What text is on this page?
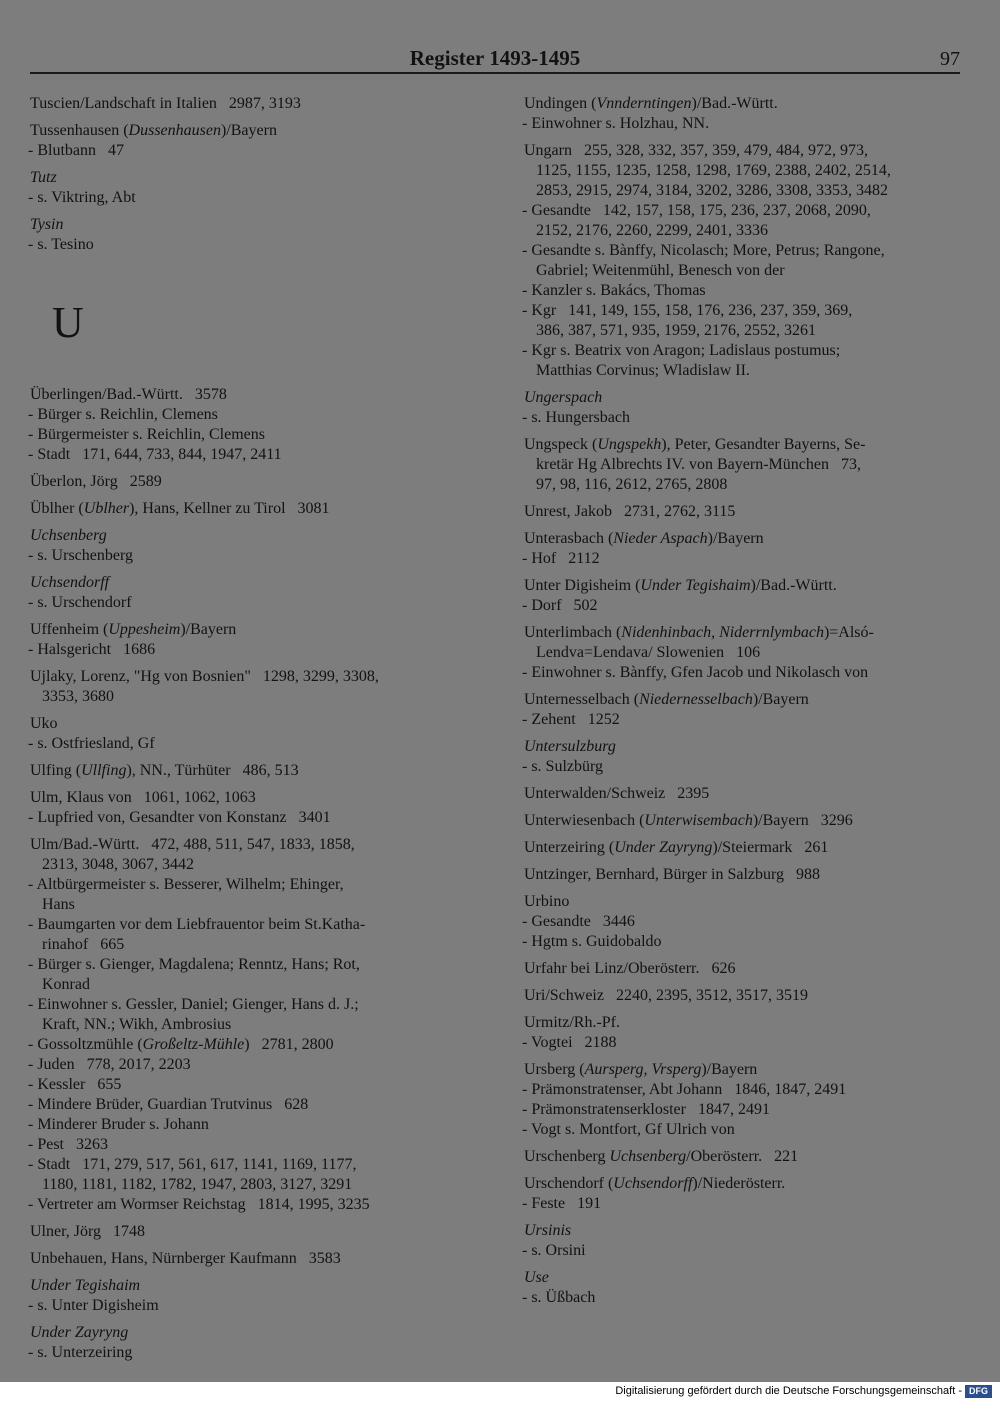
Register 1493-1495	97
Tuscien/Landschaft in Italien   2987, 3193
Tussenhausen (Dussenhausen)/Bayern
- Blutbann   47
Tutz
- s. Viktring, Abt
Tysin
- s. Tesino
U
Überlingen/Bad.-Württ.   3578
- Bürger s. Reichlin, Clemens
- Bürgermeister s. Reichlin, Clemens
- Stadt   171, 644, 733, 844, 1947, 2411
Überlon, Jörg   2589
Üblher (Ublher), Hans, Kellner zu Tirol   3081
Uchsenberg
- s. Urschenberg
Uchsendorff
- s. Urschendorf
Uffenheim (Uppesheim)/Bayern
- Halsgericht   1686
Ujlaky, Lorenz, "Hg von Bosnien"   1298, 3299, 3308,
3353, 3680
Uko
- s. Ostfriesland, Gf
Ulfing (Ullfing), NN., Türhüter   486, 513
Ulm, Klaus von   1061, 1062, 1063
- Lupfried von, Gesandter von Konstanz   3401
Ulm/Bad.-Württ.   472, 488, 511, 547, 1833, 1858,
2313, 3048, 3067, 3442
- Altbürgermeister s. Besserer, Wilhelm; Ehinger,
Hans
- Baumgarten vor dem Liebfrauentor beim St.Katha-
rinahof   665
- Bürger s. Gienger, Magdalena; Renntz, Hans; Rot,
Konrad
- Einwohner s. Gessler, Daniel; Gienger, Hans d. J.;
Kraft, NN.; Wikh, Ambrosius
- Gossoltzmühle (Großeltz-Mühle)   2781, 2800
- Juden   778, 2017, 2203
- Kessler   655
- Mindere Brüder, Guardian Trutvinus   628
- Minderer Bruder s. Johann
- Pest   3263
- Stadt   171, 279, 517, 561, 617, 1141, 1169, 1177,
1180, 1181, 1182, 1782, 1947, 2803, 3127, 3291
- Vertreter am Wormser Reichstag   1814, 1995, 3235
Ulner, Jörg   1748
Unbehauen, Hans, Nürnberger Kaufmann   3583
Under Tegishaim
- s. Unter Digisheim
Under Zayryng
- s. Unterzeiring
Undingen (Vnnderntingen)/Bad.-Württ.
- Einwohner s. Holzhau, NN.
Ungarn   255, 328, 332, 357, 359, 479, 484, 972, 973,
1125, 1155, 1235, 1258, 1298, 1769, 2388, 2402, 2514,
2853, 2915, 2974, 3184, 3202, 3286, 3308, 3353, 3482
- Gesandte   142, 157, 158, 175, 236, 237, 2068, 2090,
2152, 2176, 2260, 2299, 2401, 3336
- Gesandte s. Bànffy, Nicolasch; More, Petrus; Rangone,
Gabriel; Weitenmühl, Benesch von der
- Kanzler s. Bakács, Thomas
- Kgr   141, 149, 155, 158, 176, 236, 237, 359, 369,
386, 387, 571, 935, 1959, 2176, 2552, 3261
- Kgr s. Beatrix von Aragon; Ladislaus postumus;
Matthias Corvinus; Wladislaw II.
Ungerspach
- s. Hungersbach
Ungspeck (Ungspekh), Peter, Gesandter Bayerns, Se-
kretär Hg Albrechts IV. von Bayern-München   73,
97, 98, 116, 2612, 2765, 2808
Unrest, Jakob   2731, 2762, 3115
Unterasbach (Nieder Aspach)/Bayern
- Hof   2112
Unter Digisheim (Under Tegishaim)/Bad.-Württ.
- Dorf   502
Unterlimbach (Nidenhinbach, Niderrnlymbach)=Alsó-
Lendva=Lendava/ Slowenien   106
- Einwohner s. Bànffy, Gfen Jacob und Nikolasch von
Unternesselbach (Niedernesselbach)/Bayern
- Zehent   1252
Untersulzburg
- s. Sulzbürg
Unterwalden/Schweiz   2395
Unterwiesenbach (Unterwisembach)/Bayern   3296
Unterzeiring (Under Zayryng)/Steiermark   261
Untzinger, Bernhard, Bürger in Salzburg   988
Urbino
- Gesandte   3446
- Hgtm s. Guidobaldo
Urfahr bei Linz/Oberösterr.   626
Uri/Schweiz   2240, 2395, 3512, 3517, 3519
Urmitz/Rh.-Pf.
- Vogtei   2188
Ursberg (Aursperg, Vrsperg)/Bayern
- Prämonstratenser, Abt Johann   1846, 1847, 2491
- Prämonstratenserkloster   1847, 2491
- Vogt s. Montfort, Gf Ulrich von
Urschenberg Uchsenberg/Oberösterr.   221
Urschendorf (Uchsendorff)/Niederösterr.
- Feste   191
Ursinis
- s. Orsini
Use
- s. Üßbach
Digitalisierung gefördert durch die Deutsche Forschungsgemeinschaft - DFG
